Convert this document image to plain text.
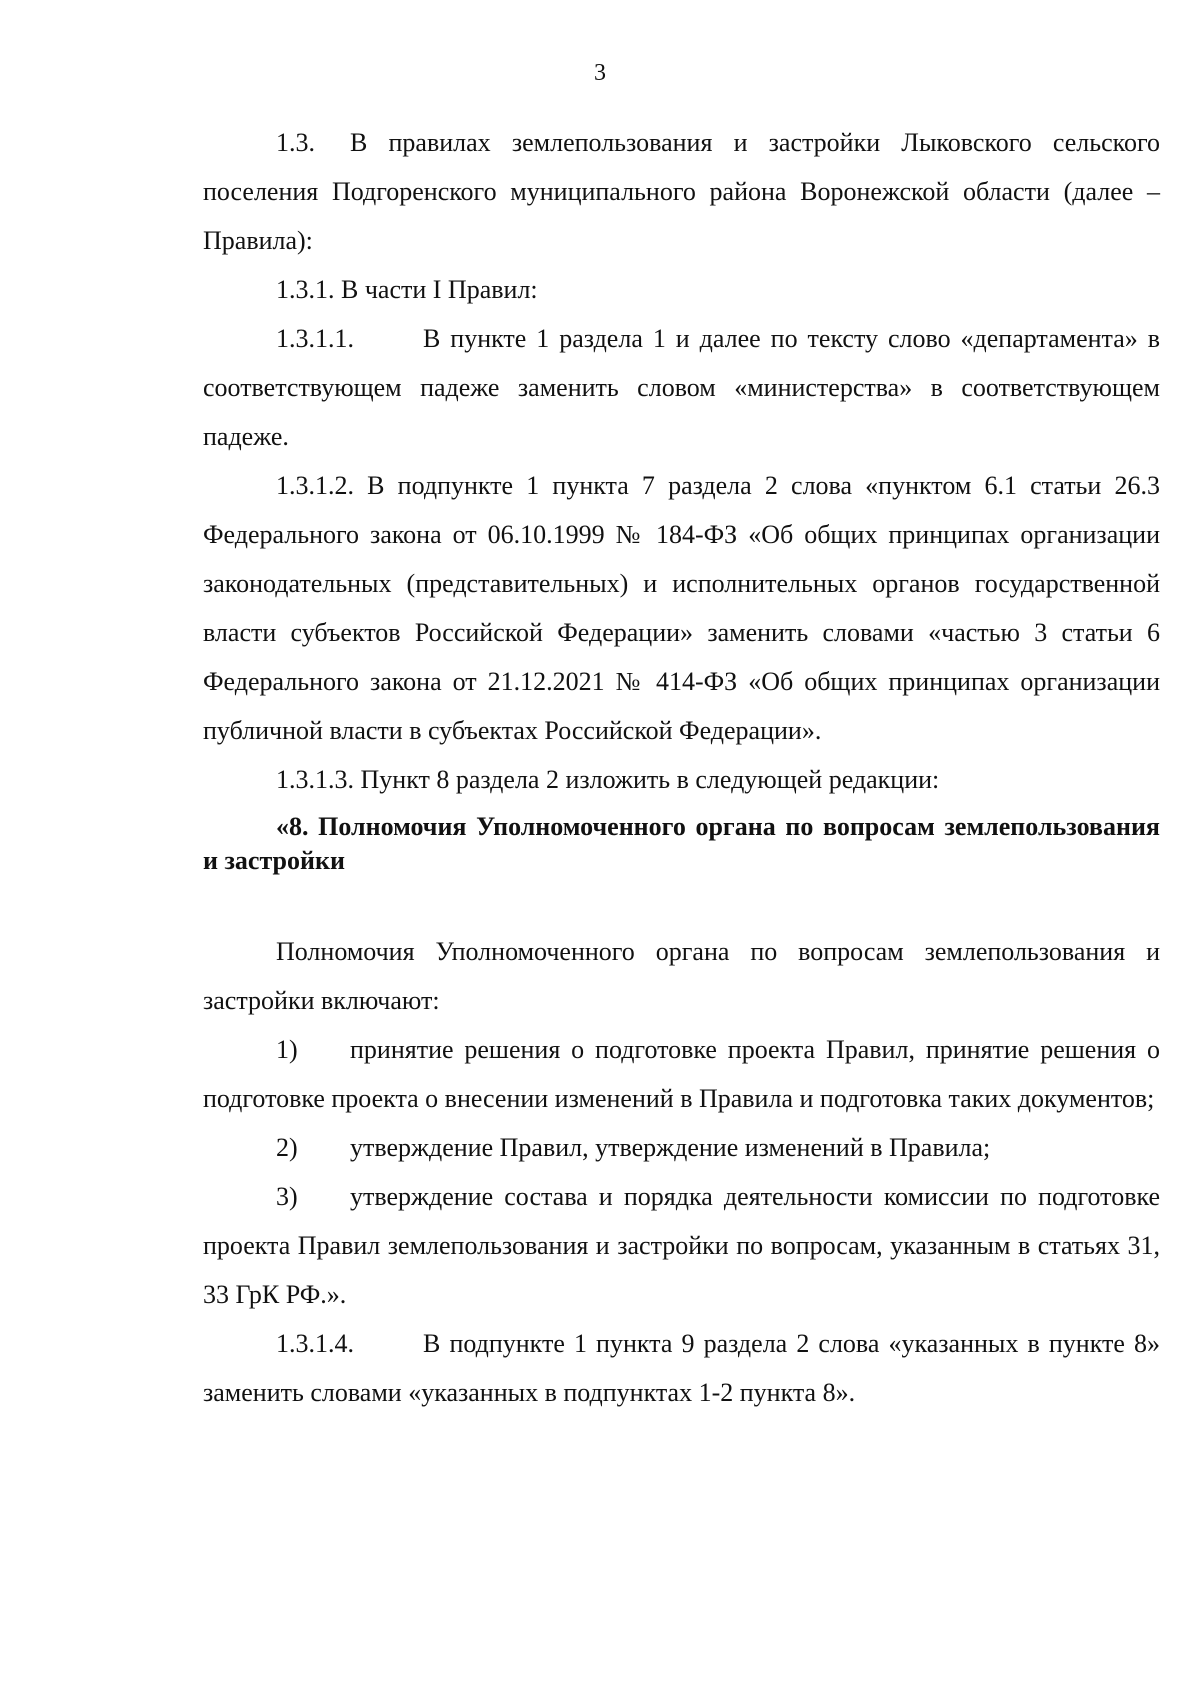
3

1.3. В правилах землепользования и застройки Лыковского сельского поселения Подгоренского муниципального района Воронежской области (далее – Правила):

1.3.1. В части I Правил:

1.3.1.1.	В пункте 1 раздела 1 и далее по тексту слово «департамента» в соответствующем падеже заменить словом «министерства» в соответствующем падеже.

1.3.1.2. В подпункте 1 пункта 7 раздела 2 слова «пунктом 6.1 статьи 26.3 Федерального закона от 06.10.1999 № 184-ФЗ «Об общих принципах организации законодательных (представительных) и исполнительных органов государственной власти субъектов Российской Федерации» заменить словами «частью 3 статьи 6 Федерального закона от 21.12.2021 № 414-ФЗ «Об общих принципах организации публичной власти в субъектах Российской Федерации».

1.3.1.3. Пункт 8 раздела 2 изложить в следующей редакции:

«8. Полномочия Уполномоченного органа по вопросам землепользования и застройки

Полномочия Уполномоченного органа по вопросам землепользования и застройки включают:

1) принятие решения о подготовке проекта Правил, принятие решения о подготовке проекта о внесении изменений в Правила и подготовка таких документов;

2) утверждение Правил, утверждение изменений в Правила;

3) утверждение состава и порядка деятельности комиссии по подготовке проекта Правил землепользования и застройки по вопросам, указанным в статьях 31, 33 ГрК РФ.».

1.3.1.4.	В подпункте 1 пункта 9 раздела 2 слова «указанных в пункте 8» заменить словами «указанных в подпунктах 1-2 пункта 8».
